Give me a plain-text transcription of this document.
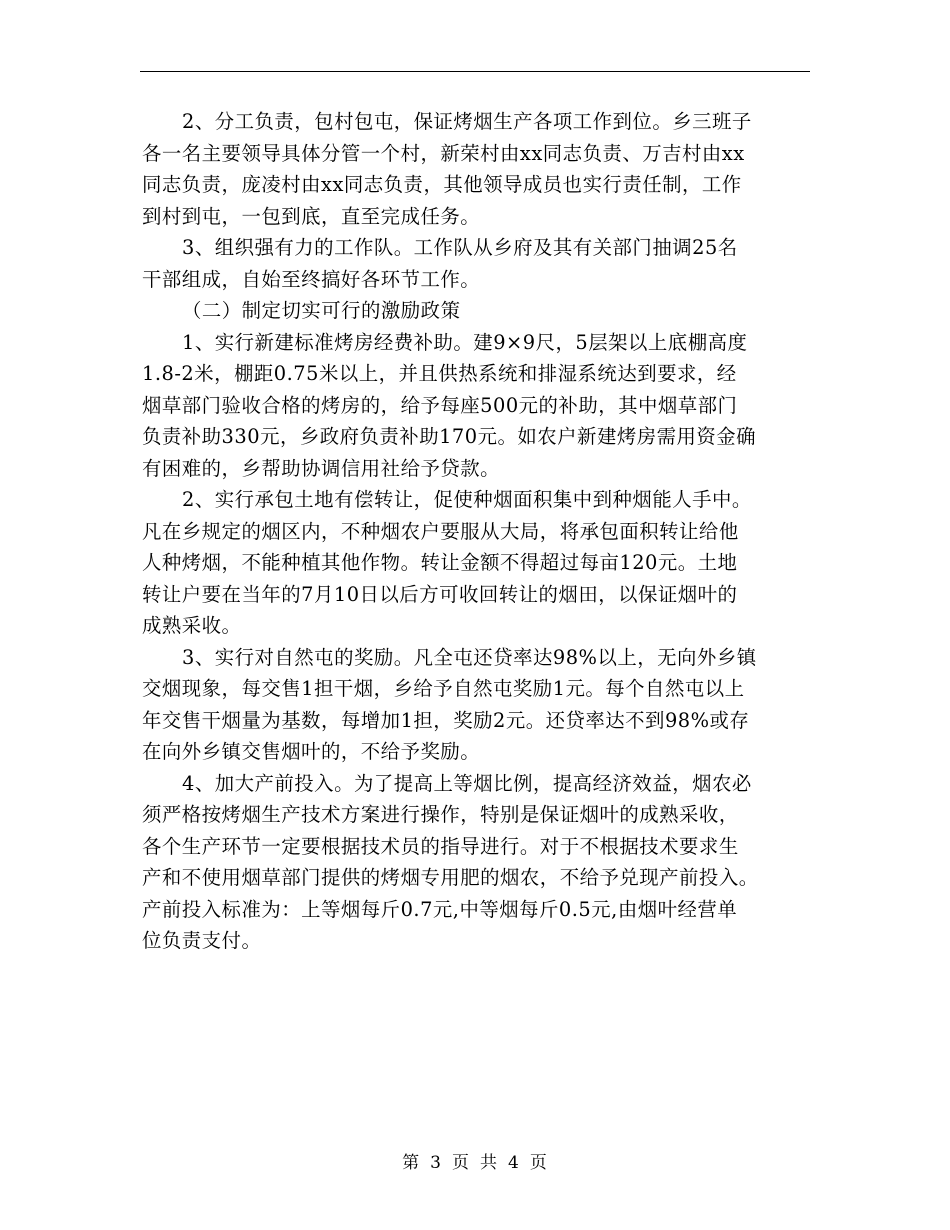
2、分工负责，包村包屯，保证烤烟生产各项工作到位。乡三班子
各一名主要领导具体分管一个村，新荣村由xx同志负责、万吉村由xx
同志负责，庞凌村由xx同志负责，其他领导成员也实行责任制，工作
到村到屯，一包到底，直至完成任务。
3、组织强有力的工作队。工作队从乡府及其有关部门抽调25名
干部组成，自始至终搞好各环节工作。
（二）制定切实可行的激励政策
1、实行新建标准烤房经费补助。建9×9尺，5层架以上底棚高度
1.8-2米，棚距0.75米以上，并且供热系统和排湿系统达到要求，经
烟草部门验收合格的烤房的，给予每座500元的补助，其中烟草部门
负责补助330元，乡政府负责补助170元。如农户新建烤房需用资金确
有困难的，乡帮助协调信用社给予贷款。
2、实行承包土地有偿转让，促使种烟面积集中到种烟能人手中。
凡在乡规定的烟区内，不种烟农户要服从大局，将承包面积转让给他
人种烤烟，不能种植其他作物。转让金额不得超过每亩120元。土地
转让户要在当年的7月10日以后方可收回转让的烟田，以保证烟叶的
成熟采收。
3、实行对自然屯的奖励。凡全屯还贷率达98%以上，无向外乡镇
交烟现象，每交售1担干烟，乡给予自然屯奖励1元。每个自然屯以上
年交售干烟量为基数，每增加1担，奖励2元。还贷率达不到98%或存
在向外乡镇交售烟叶的，不给予奖励。
4、加大产前投入。为了提高上等烟比例，提高经济效益，烟农必
须严格按烤烟生产技术方案进行操作，特别是保证烟叶的成熟采收，
各个生产环节一定要根据技术员的指导进行。对于不根据技术要求生
产和不使用烟草部门提供的烤烟专用肥的烟农，不给予兑现产前投入。
产前投入标准为：上等烟每斤0.7元,中等烟每斤0.5元,由烟叶经营单
位负责支付。
第 3 页 共 4 页
